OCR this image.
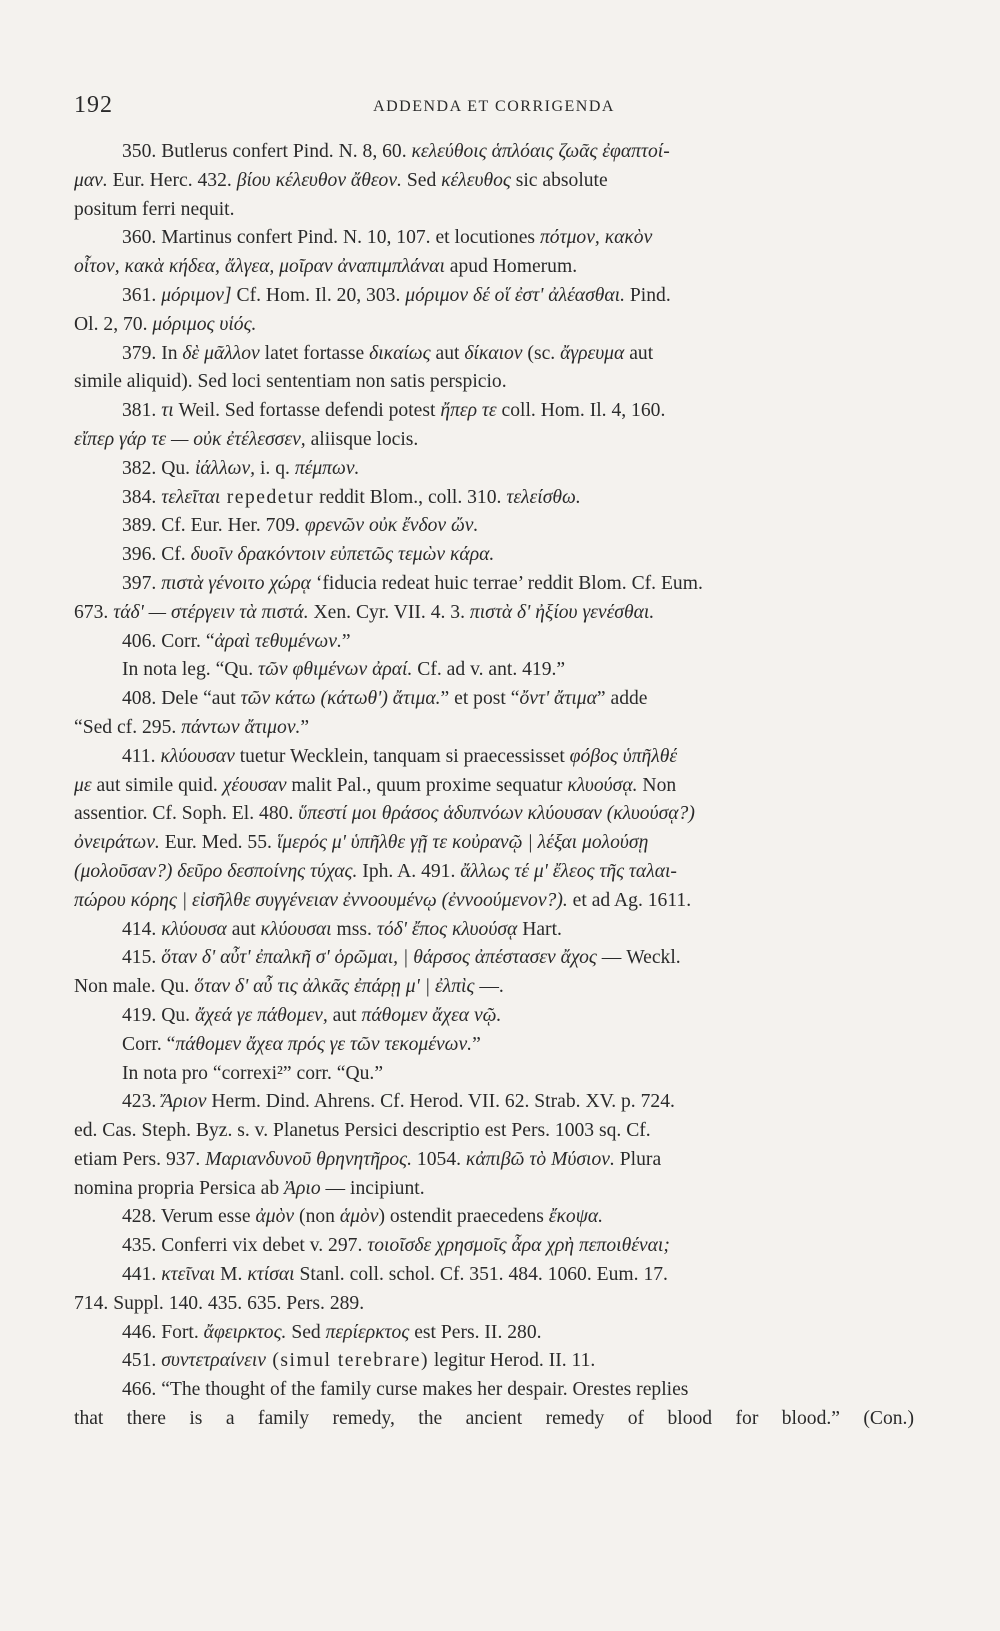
192	ADDENDA ET CORRIGENDA
350. Butlerus confert Pind. N. 8, 60. κελεύθοις ἁπλόαις ζωᾶς ἐφαπτοί-
μαν. Eur. Herc. 432. βίου κέλευθον ἄθεον. Sed κέλευθος sic absolute
positum ferri nequit.
360. Martinus confert Pind. N. 10, 107. et locutiones πότμον, κακὸν
οἶτον, κακὰ κήδεα, ἄλγεα, μοῖραν ἀναπιμπλάναι apud Homerum.
361. μόριμον] Cf. Hom. Il. 20, 303. μόριμον δέ οἵ ἐστ' ἀλέασθαι. Pind.
Ol. 2, 70. μόριμος υἱός.
379. In δὲ μᾶλλον latet fortasse δικαίως aut δίκαιον (sc. ἄγρευμα aut
simile aliquid). Sed loci sententiam non satis perspicio.
381. τι Weil. Sed fortasse defendi potest ἤπερ τε coll. Hom. Il. 4, 160.
εἴπερ γάρ τε — οὐκ ἐτέλεσσεν, aliisque locis.
382. Qu. ἰάλλων, i. q. πέμπων.
384. τελεῖται repedetur reddit Blom., coll. 310. τελείσθω.
389. Cf. Eur. Her. 709. φρενῶν οὐκ ἔνδον ὤν.
396. Cf. δυοῖν δρακόντοιν εὐπετῶς τεμὼν κάρα.
397. πιστὰ γένοιτο χώρᾳ ‘fiducia redeat huic terrae’ reddit Blom. Cf. Eum.
673. τάδ' — στέργειν τὰ πιστά. Xen. Cyr. VII. 4. 3. πιστὰ δ' ἠξίου γενέσθαι.
406. Corr. “ἀραὶ τεθυμένων.”
In nota leg. “Qu. τῶν φθιμένων ἀραί. Cf. ad v. ant. 419.”
408. Dele “aut τῶν κάτω (κάτωθ') ἄτιμα.” et post “ὄντ' ἄτιμα” adde
“Sed cf. 295. πάντων ἄτιμον.”
411. κλύουσαν tuetur Wecklein, tanquam si praecessisset φόβος ὑπῆλθέ
με aut simile quid. χέουσαν malit Pal., quum proxime sequatur κλυούσᾳ. Non
assentior. Cf. Soph. El. 480. ὕπεστί μοι θράσος ἁδυπνόων κλύουσαν (κλυούσᾳ?)
ὀνειράτων. Eur. Med. 55. ἵμερός μ' ὑπῆλθε γῇ τε κοὐρανῷ | λέξαι μολούσῃ
(μολοῦσαν?) δεῦρο δεσποίνης τύχας. Iph. A. 491. ἄλλως τέ μ' ἔλεος τῆς ταλαι-
πώρου κόρης | εἰσῆλθε συγγένειαν ἐννοουμένῳ (ἐννοούμενον?). et ad Ag. 1611.
414. κλύουσα aut κλύουσαι mss. τόδ' ἔπος κλυούσᾳ Hart.
415. ὅταν δ' αὖτ' ἐπαλκῆ σ' ὁρῶμαι, | θάρσος ἀπέστασεν ἄχος — Weckl.
Non male. Qu. ὅταν δ' αὖ τις ἀλκᾶς ἐπάρῃ μ' | ἐλπὶς —.
419. Qu. ἄχεά γε πάθομεν, aut πάθομεν ἄχεα νῷ.
Corr. “πάθομεν ἄχεα πρός γε τῶν τεκομένων.”
In nota pro “correxi²” corr. “Qu.”
423. Ἄριον Herm. Dind. Ahrens. Cf. Herod. VII. 62. Strab. XV. p. 724.
ed. Cas. Steph. Byz. s. v. Planetus Persici descriptio est Pers. 1003 sq. Cf.
etiam Pers. 937. Μαριανδυνοῦ θρηνητῆρος. 1054. κἀπιβῶ τὸ Μύσιον. Plura
nomina propria Persica ab Ἀριο — incipiunt.
428. Verum esse ἀμὸν (non ἁμὸν) ostendit praecedens ἔκοψα.
435. Conferri vix debet v. 297. τοιοῖσδε χρησμοῖς ἆρα χρὴ πεποιθέναι;
441. κτεῖναι M. κτίσαι Stanl. coll. schol. Cf. 351. 484. 1060. Eum. 17.
714. Suppl. 140. 435. 635. Pers. 289.
446. Fort. ἄφειρκτος. Sed περίερκτος est Pers. II. 280.
451. συντετραίνειν (simul terebrare) legitur Herod. II. 11.
466. “The thought of the family curse makes her despair. Orestes replies
that there is a family remedy, the ancient remedy of blood for blood.” (Con.)
